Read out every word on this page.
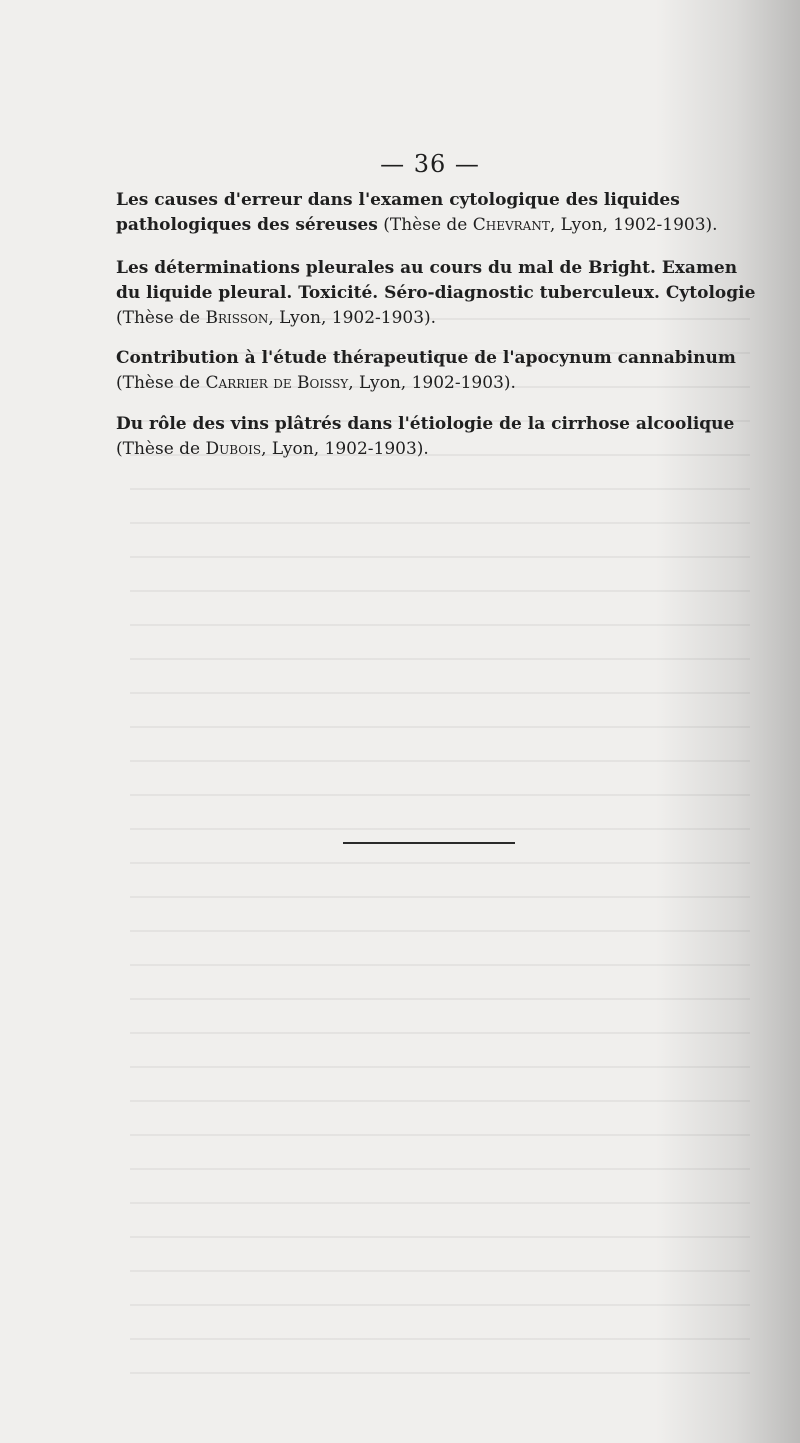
— 36 —
Les causes d'erreur dans l'examen cytologique des liquides pathologiques des séreuses (Thèse de Chevrant, Lyon, 1902-1903).
Les déterminations pleurales au cours du mal de Bright. Examen du liquide pleural. Toxicité. Séro-diagnostic tuberculeux. Cytologie (Thèse de Brisson, Lyon, 1902-1903).
Contribution à l'étude thérapeutique de l'apocynum cannabinum (Thèse de Carrier de Boissy, Lyon, 1902-1903).
Du rôle des vins plâtrés dans l'étiologie de la cirrhose alcoolique (Thèse de Dubois, Lyon, 1902-1903).
